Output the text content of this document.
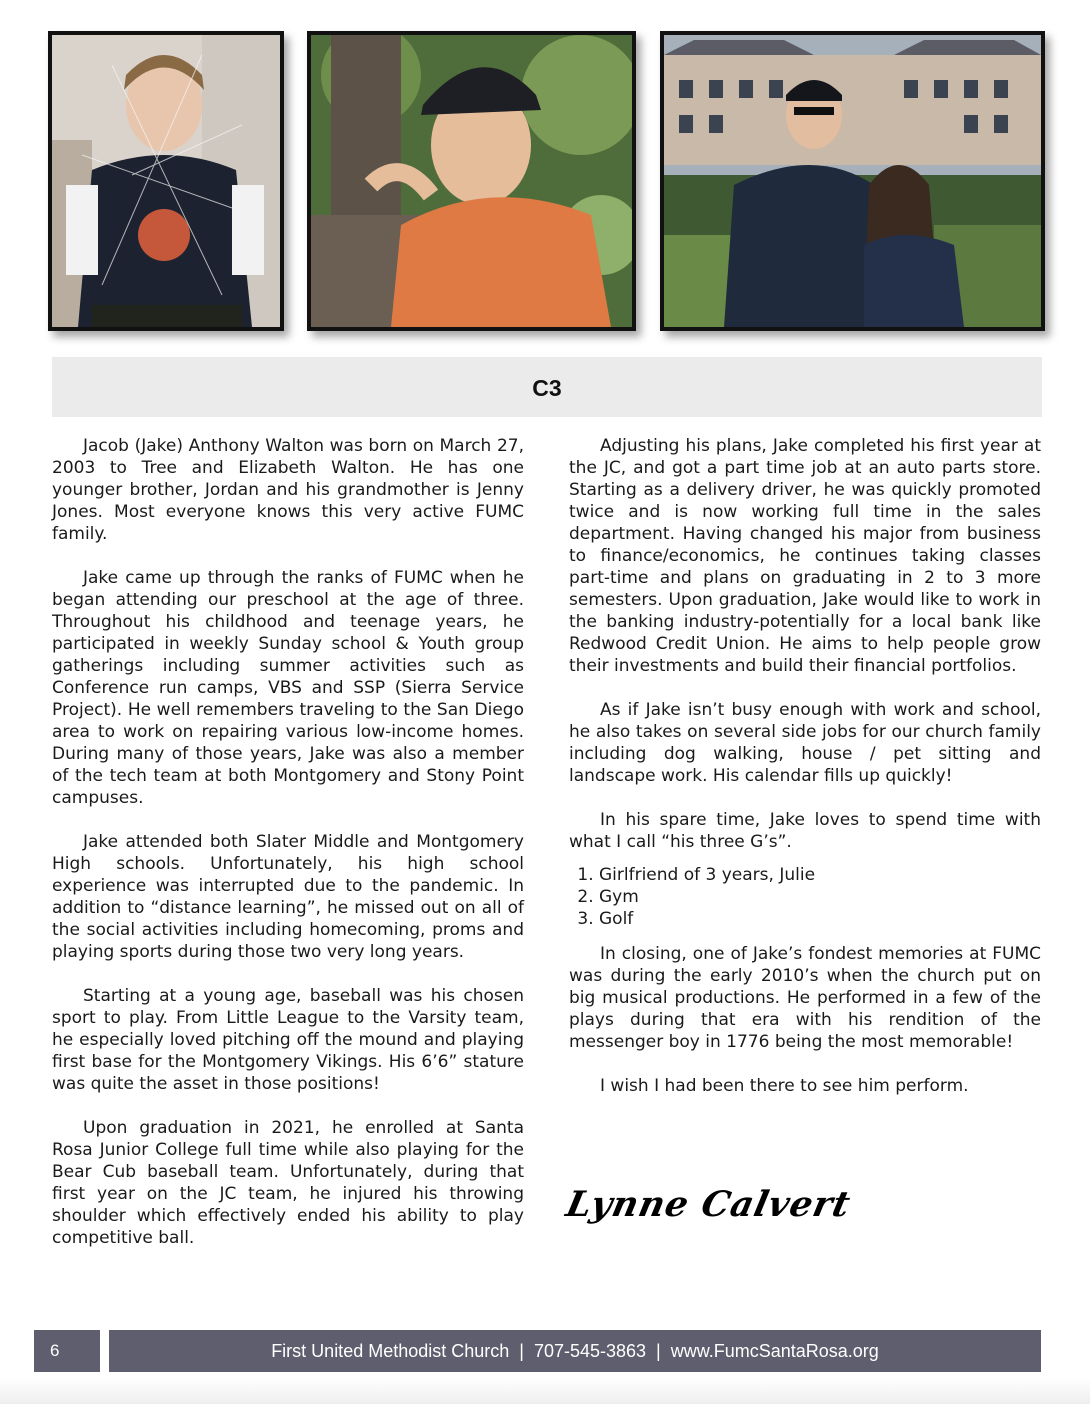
C3

Jacob (Jake) Anthony Walton was born on March 27, 2003 to Tree and Elizabeth Walton. He has one younger brother, Jordan and his grandmother is Jenny Jones. Most everyone knows this very active FUMC family.

Jake came up through the ranks of FUMC when he began attending our preschool at the age of three. Throughout his childhood and teenage years, he participated in weekly Sunday school & Youth group gatherings including summer activities such as Conference run camps, VBS and SSP (Sierra Service Project). He well remembers traveling to the San Diego area to work on repairing various low-income homes. During many of those years, Jake was also a member of the tech team at both Montgomery and Stony Point campuses.

Jake attended both Slater Middle and Montgomery High schools. Unfortunately, his high school experience was interrupted due to the pandemic. In addition to “distance learning”, he missed out on all of the social activities including homecoming, proms and playing sports during those two very long years.

Starting at a young age, baseball was his chosen sport to play. From Little League to the Varsity team, he especially loved pitching off the mound and playing first base for the Montgomery Vikings. His 6’6” stature was quite the asset in those positions!

Upon graduation in 2021, he enrolled at Santa Rosa Junior College full time while also playing for the Bear Cub baseball team. Unfortunately, during that first year on the JC team, he injured his throwing shoulder which effectively ended his ability to play competitive ball.

Adjusting his plans, Jake completed his first year at the JC, and got a part time job at an auto parts store. Starting as a delivery driver, he was quickly promoted twice and is now working full time in the sales department. Having changed his major from business to finance/economics, he continues taking classes part-time and plans on graduating in 2 to 3 more semesters. Upon graduation, Jake would like to work in the banking industry-potentially for a local bank like Redwood Credit Union. He aims to help people grow their investments and build their financial portfolios.

As if Jake isn’t busy enough with work and school, he also takes on several side jobs for our church family including dog walking, house / pet sitting and landscape work. His calendar fills up quickly!

In his spare time, Jake loves to spend time with what I call “his three G’s”.

1. Girlfriend of 3 years, Julie
2. Gym
3. Golf

In closing, one of Jake’s fondest memories at FUMC was during the early 2010’s when the church put on big musical productions. He performed in a few of the plays during that era with his rendition of the messenger boy in 1776 being the most memorable!

I wish I had been there to see him perform.

Lynne Calvert
6	First United Methodist Church  |  707-545-3863  |  www.FumcSantaRosa.org
